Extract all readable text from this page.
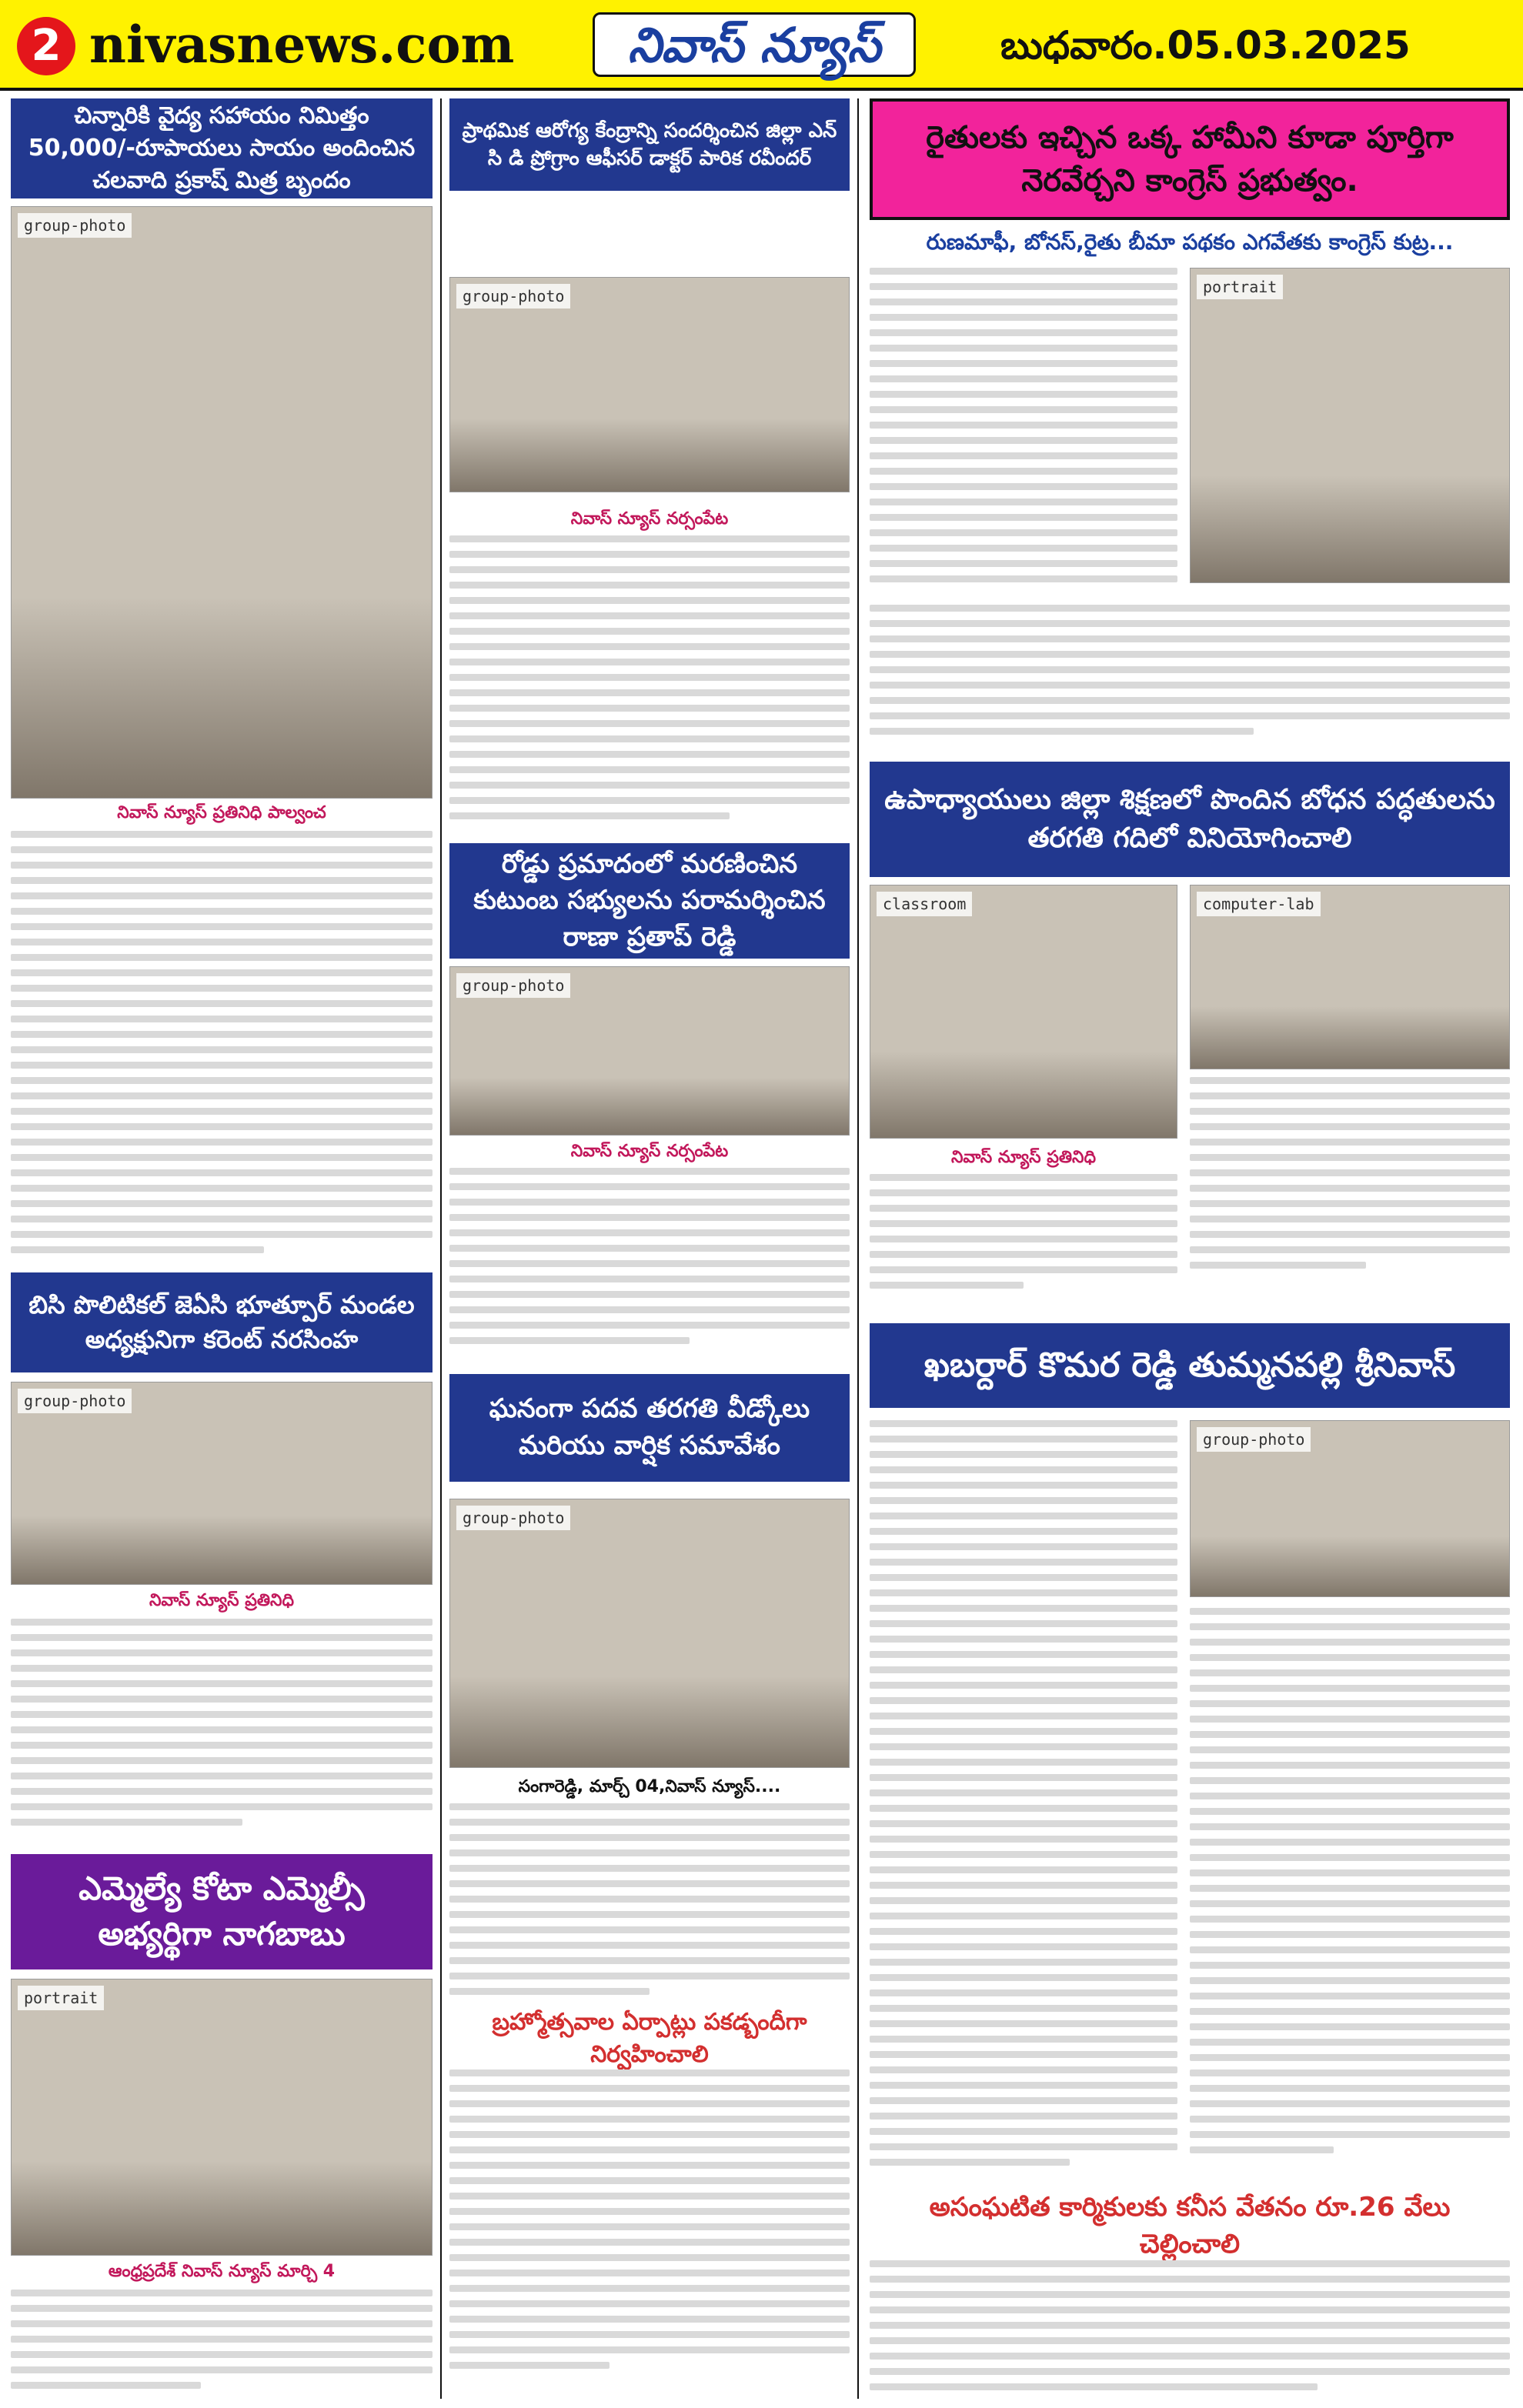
2 nivasnews.com	నివాస్ న్యూస్	బుధవారం.05.03.2025
చిన్నారికి వైద్య సహాయం నిమిత్తం 50,000/-రూపాయలు సాయం అందించిన చలవాది ప్రకాష్ మిత్ర బృందం
group-photo
నివాస్ న్యూస్ ప్రతినిధి పాల్వంచ
బిసి పొలిటికల్ జెఏసి భూత్పూర్ మండల అధ్యక్షునిగా కరెంట్ నరసింహ
group-photo
నివాస్ న్యూస్ ప్రతినిధి
ఎమ్మెల్యే కోటా ఎమ్మెల్సీ అభ్యర్థిగా నాగబాబు
portrait
ఆంధ్రప్రదేశ్ నివాస్ న్యూస్ మార్చి 4
ప్రాథమిక ఆరోగ్య కేంద్రాన్ని సందర్శించిన జిల్లా ఎన్ సి డి ప్రోగ్రాం ఆఫీసర్ డాక్టర్ పారిక రవీందర్
group-photo
నివాస్ న్యూస్ నర్సంపేట
రోడ్డు ప్రమాదంలో మరణించిన కుటుంబ సభ్యులను పరామర్శించిన రాణా ప్రతాప్ రెడ్డి
group-photo
నివాస్ న్యూస్ నర్సంపేట
ఘనంగా పదవ తరగతి వీడ్కోలు మరియు వార్షిక సమావేశం
group-photo
సంగారెడ్డి, మార్చ్ 04,నివాస్ న్యూస్....
బ్రహ్మోత్సవాల ఏర్పాట్లు పకడ్బందీగా నిర్వహించాలి
రైతులకు ఇచ్చిన ఒక్క హామీని కూడా పూర్తిగా నెరవేర్చని కాంగ్రెస్ ప్రభుత్వం.
రుణమాఫీ, బోనస్,రైతు బీమా పథకం ఎగవేతకు కాంగ్రెస్ కుట్ర...
portrait
ఉపాధ్యాయులు జిల్లా శిక్షణలో పొందిన బోధన పద్ధతులను తరగతి గదిలో వినియోగించాలి
classroom	computer-lab
నివాస్ న్యూస్ ప్రతినిధి
ఖబర్దార్ కొమర రెడ్డి తుమ్మనపల్లి శ్రీనివాస్
group-photo
అసంఘటిత కార్మికులకు కనీస వేతనం రూ.26 వేలు చెల్లించాలి
